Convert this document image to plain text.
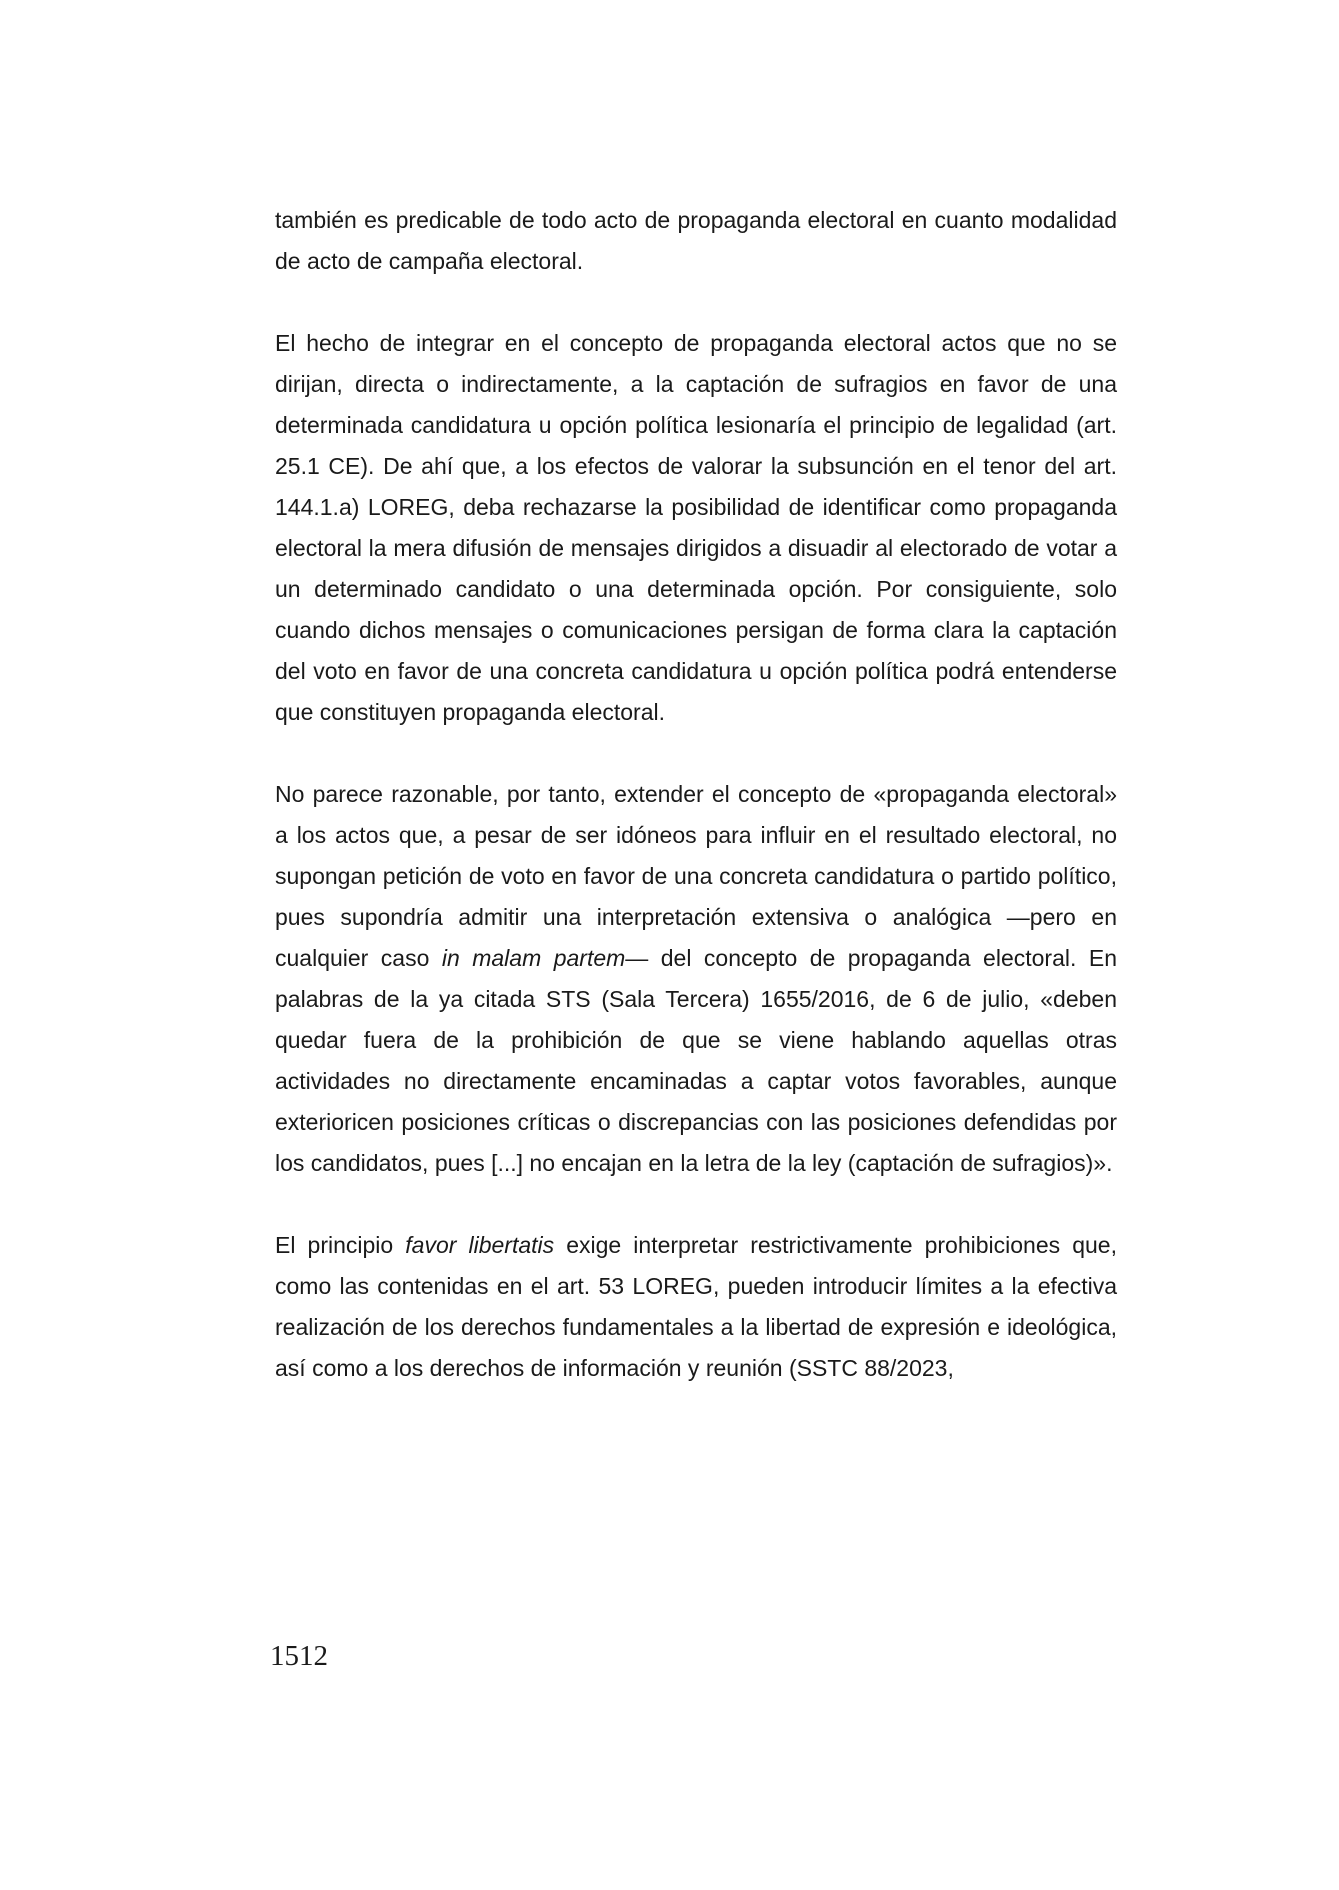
también es predicable de todo acto de propaganda electoral en cuanto modalidad de acto de campaña electoral.

El hecho de integrar en el concepto de propaganda electoral actos que no se dirijan, directa o indirectamente, a la captación de sufragios en favor de una determinada candidatura u opción política lesionaría el principio de legalidad (art. 25.1 CE). De ahí que, a los efectos de valorar la subsunción en el tenor del art. 144.1.a) LOREG, deba rechazarse la posibilidad de identificar como propaganda electoral la mera difusión de mensajes dirigidos a disuadir al electorado de votar a un determinado candidato o una determinada opción. Por consiguiente, solo cuando dichos mensajes o comunicaciones persigan de forma clara la captación del voto en favor de una concreta candidatura u opción política podrá entenderse que constituyen propaganda electoral.

No parece razonable, por tanto, extender el concepto de «propaganda electoral» a los actos que, a pesar de ser idóneos para influir en el resultado electoral, no supongan petición de voto en favor de una concreta candidatura o partido político, pues supondría admitir una interpretación extensiva o analógica —pero en cualquier caso in malam partem— del concepto de propaganda electoral. En palabras de la ya citada STS (Sala Tercera) 1655/2016, de 6 de julio, «deben quedar fuera de la prohibición de que se viene hablando aquellas otras actividades no directamente encaminadas a captar votos favorables, aunque exterioricen posiciones críticas o discrepancias con las posiciones defendidas por los candidatos, pues [...] no encajan en la letra de la ley (captación de sufragios)».

El principio favor libertatis exige interpretar restrictivamente prohibiciones que, como las contenidas en el art. 53 LOREG, pueden introducir límites a la efectiva realización de los derechos fundamentales a la libertad de expresión e ideológica, así como a los derechos de información y reunión (SSTC 88/2023,

1512
